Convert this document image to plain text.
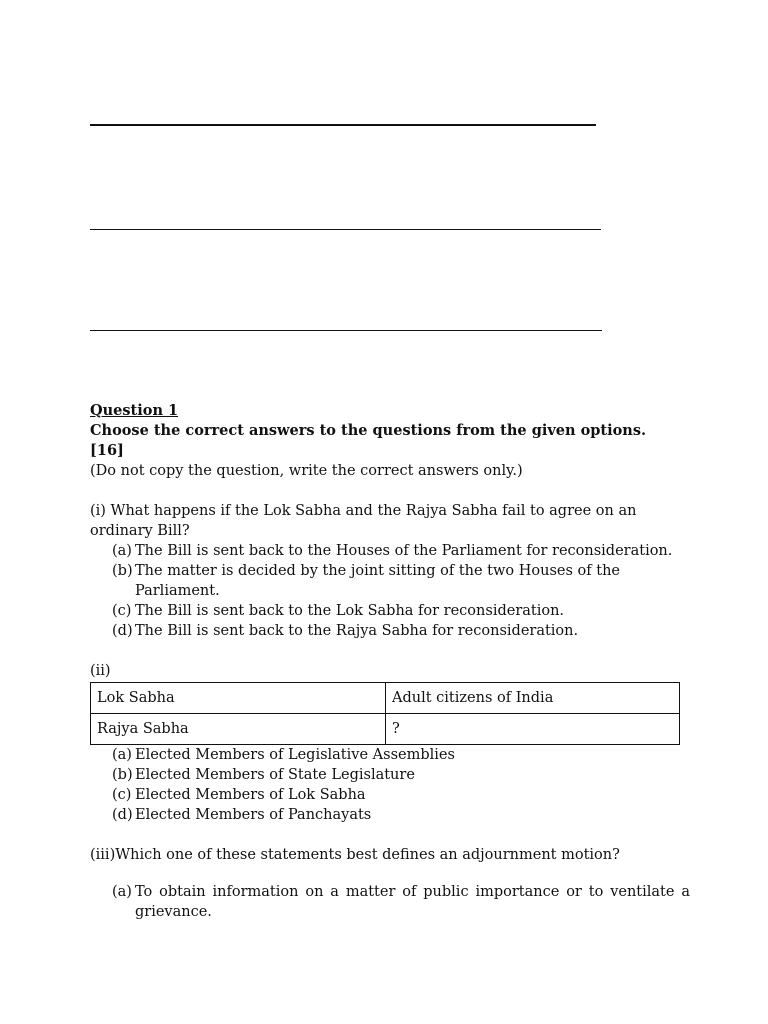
Question 1
Choose the correct answers to the questions from the given options.
[16]
(Do not copy the question, write the correct answers only.)
(i) What happens if the Lok Sabha and the Rajya Sabha fail to agree on an ordinary Bill?
(a) The Bill is sent back to the Houses of the Parliament for reconsideration.
(b) The matter is decided by the joint sitting of the two Houses of the Parliament.
(c) The Bill is sent back to the Lok Sabha for reconsideration.
(d) The Bill is sent back to the Rajya Sabha for reconsideration.
(ii)
Lok Sabha	Adult citizens of India
Rajya Sabha	?
(a) Elected Members of Legislative Assemblies
(b) Elected Members of State Legislature
(c) Elected Members of Lok Sabha
(d) Elected Members of Panchayats
(iii)Which one of these statements best defines an adjournment motion?
(a) To obtain information on a matter of public importance or to ventilate a grievance.
